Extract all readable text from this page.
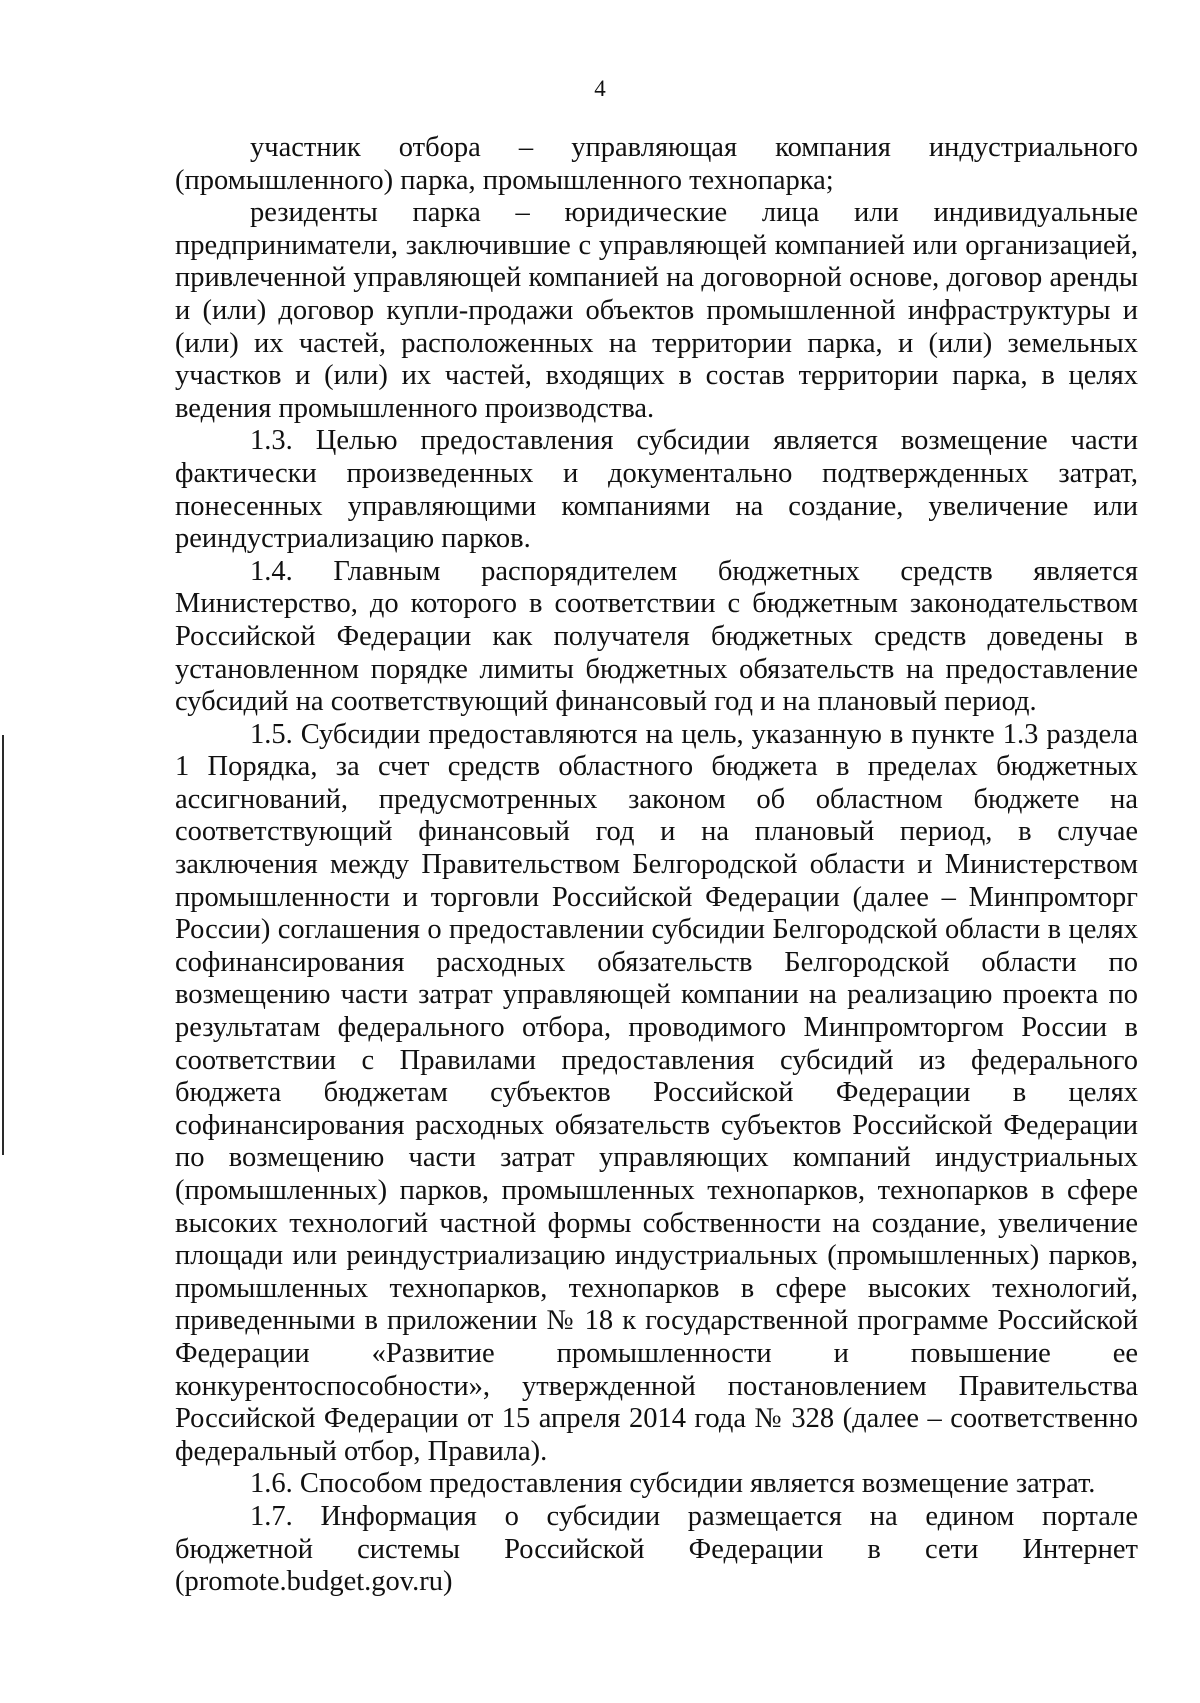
4

участник отбора – управляющая компания индустриального (промышленного) парка, промышленного технопарка;

резиденты парка – юридические лица или индивидуальные предприниматели, заключившие с управляющей компанией или организацией, привлеченной управляющей компанией на договорной основе, договор аренды и (или) договор купли-продажи объектов промышленной инфраструктуры и (или) их частей, расположенных на территории парка, и (или) земельных участков и (или) их частей, входящих в состав территории парка, в целях ведения промышленного производства.

1.3. Целью предоставления субсидии является возмещение части фактически произведенных и документально подтвержденных затрат, понесенных управляющими компаниями на создание, увеличение или реиндустриализацию парков.

1.4. Главным распорядителем бюджетных средств является Министерство, до которого в соответствии с бюджетным законодательством Российской Федерации как получателя бюджетных средств доведены в установленном порядке лимиты бюджетных обязательств на предоставление субсидий на соответствующий финансовый год и на плановый период.

1.5. Субсидии предоставляются на цель, указанную в пункте 1.3 раздела 1 Порядка, за счет средств областного бюджета в пределах бюджетных ассигнований, предусмотренных законом об областном бюджете на соответствующий финансовый год и на плановый период, в случае заключения между Правительством Белгородской области и Министерством промышленности и торговли Российской Федерации (далее – Минпромторг России) соглашения о предоставлении субсидии Белгородской области в целях софинансирования расходных обязательств Белгородской области по возмещению части затрат управляющей компании на реализацию проекта по результатам федерального отбора, проводимого Минпромторгом России в соответствии с Правилами предоставления субсидий из федерального бюджета бюджетам субъектов Российской Федерации в целях софинансирования расходных обязательств субъектов Российской Федерации по возмещению части затрат управляющих компаний индустриальных (промышленных) парков, промышленных технопарков, технопарков в сфере высоких технологий частной формы собственности на создание, увеличение площади или реиндустриализацию индустриальных (промышленных) парков, промышленных технопарков, технопарков в сфере высоких технологий, приведенными в приложении № 18 к государственной программе Российской Федерации «Развитие промышленности и повышение ее конкурентоспособности», утвержденной постановлением Правительства Российской Федерации от 15 апреля 2014 года № 328 (далее – соответственно федеральный отбор, Правила).

1.6. Способом предоставления субсидии является возмещение затрат.

1.7. Информация о субсидии размещается на едином портале бюджетной системы Российской Федерации в сети Интернет (promote.budget.gov.ru)
